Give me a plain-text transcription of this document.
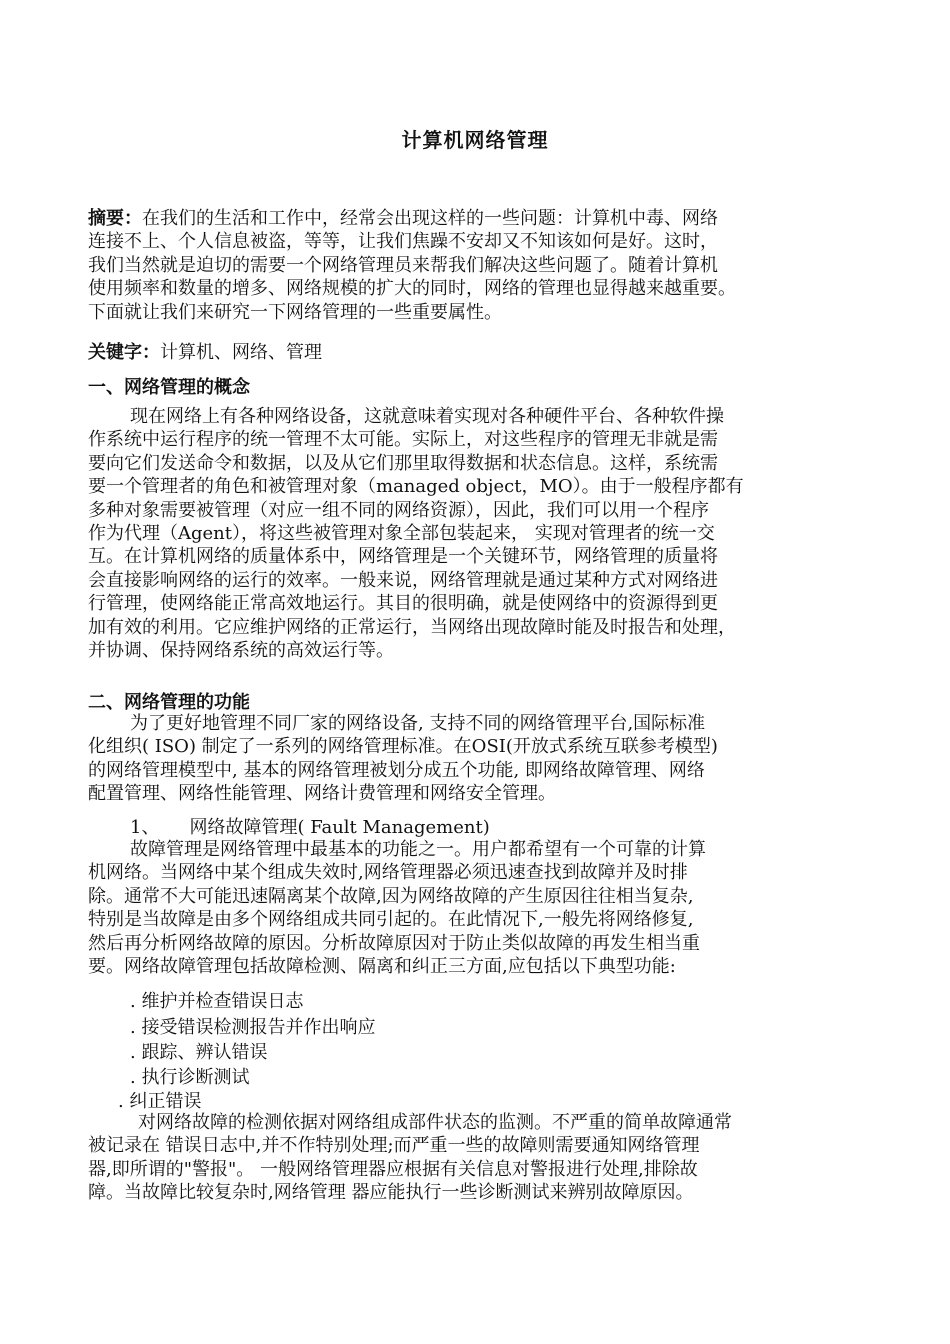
计算机网络管理
摘要：在我们的生活和工作中，经常会出现这样的一些问题：计算机中毒、网络
连接不上、个人信息被盗，等等，让我们焦躁不安却又不知该如何是好。这时，
我们当然就是迫切的需要一个网络管理员来帮我们解决这些问题了。随着计算机
使用频率和数量的增多、网络规模的扩大的同时，网络的管理也显得越来越重要。
下面就让我们来研究一下网络管理的一些重要属性。
关键字：计算机、网络、管理
一、网络管理的概念
现在网络上有各种网络设备，这就意味着实现对各种硬件平台、各种软件操
作系统中运行程序的统一管理不太可能。实际上，对这些程序的管理无非就是需
要向它们发送命令和数据，以及从它们那里取得数据和状态信息。这样，系统需
要一个管理者的角色和被管理对象（managed object，MO）。由于一般程序都有
多种对象需要被管理（对应一组不同的网络资源），因此，我们可以用一个程序
作为代理（Agent），将这些被管理对象全部包装起来， 实现对管理者的统一交
互。在计算机网络的质量体系中，网络管理是一个关键环节，网络管理的质量将
会直接影响网络的运行的效率。一般来说，网络管理就是通过某种方式对网络进
行管理，使网络能正常高效地运行。其目的很明确，就是使网络中的资源得到更
加有效的利用。它应维护网络的正常运行，当网络出现故障时能及时报告和处理，
并协调、保持网络系统的高效运行等。
二、网络管理的功能
为了更好地管理不同厂家的网络设备, 支持不同的网络管理平台,国际标准
化组织( ISO) 制定了一系列的网络管理标准。在OSI(开放式系统互联参考模型)
的网络管理模型中, 基本的网络管理被划分成五个功能, 即网络故障管理、网络
配置管理、网络性能管理、网络计费管理和网络安全管理。
1、 网络故障管理( Fault Management)
故障管理是网络管理中最基本的功能之一。用户都希望有一个可靠的计算
机网络。当网络中某个组成失效时,网络管理器必须迅速查找到故障并及时排
除。通常不大可能迅速隔离某个故障,因为网络故障的产生原因往往相当复杂,
特别是当故障是由多个网络组成共同引起的。在此情况下,一般先将网络修复,
然后再分析网络故障的原因。分析故障原因对于防止类似故障的再发生相当重
要。网络故障管理包括故障检测、隔离和纠正三方面,应包括以下典型功能:
. 维护并检查错误日志
. 接受错误检测报告并作出响应
. 跟踪、辨认错误
. 执行诊断测试
. 纠正错误
对网络故障的检测依据对网络组成部件状态的监测。不严重的简单故障通常
被记录在 错误日志中,并不作特别处理;而严重一些的故障则需要通知网络管理
器,即所谓的"警报"。 一般网络管理器应根据有关信息对警报进行处理,排除故
障。当故障比较复杂时,网络管理 器应能执行一些诊断测试来辨别故障原因。
